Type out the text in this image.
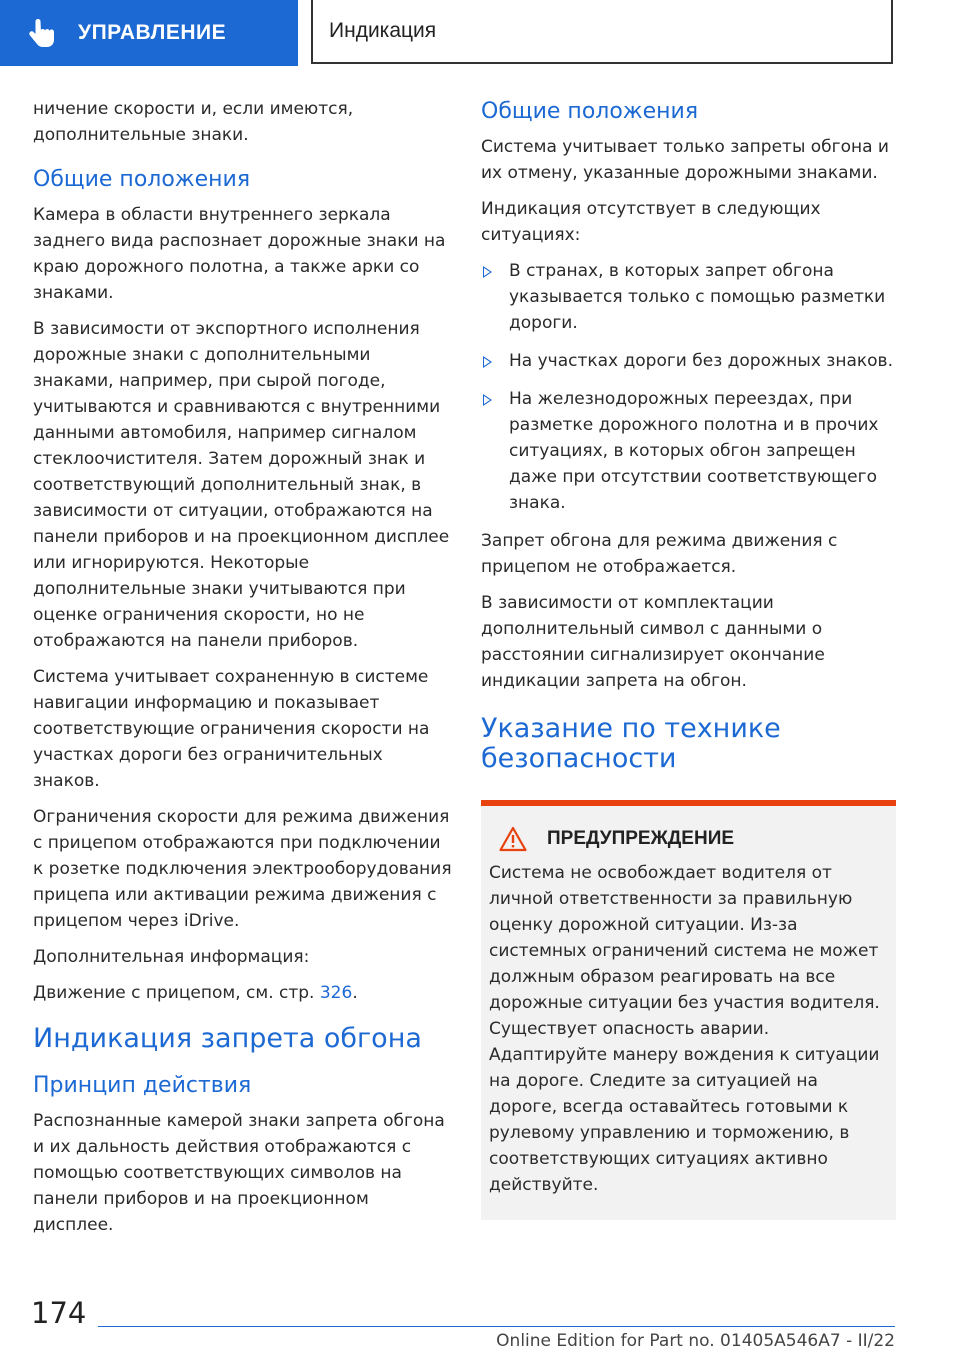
УПРАВЛЕНИЕ	Индикация

ничение скорости и, если имеются, дополнительные знаки.

Общие положения

Камера в области внутреннего зеркала заднего вида распознает дорожные знаки на краю дорожного полотна, а также арки со знаками.

В зависимости от экспортного исполнения дорожные знаки с дополнительными знаками, например, при сырой погоде, учитываются и сравниваются с внутренними данными автомобиля, например сигналом стеклоочистителя. Затем дорожный знак и соответствующий дополнительный знак, в зависимости от ситуации, отображаются на панели приборов и на проекционном дисплее или игнорируются. Некоторые дополнительные знаки учитываются при оценке ограничения скорости, но не отображаются на панели приборов.

Система учитывает сохраненную в системе навигации информацию и показывает соответствующие ограничения скорости на участках дороги без ограничительных знаков.

Ограничения скорости для режима движения с прицепом отображаются при подключении к розетке подключения электрооборудования прицепа или активации режима движения с прицепом через iDrive.

Дополнительная информация:

Движение с прицепом, см. стр. 326.

Индикация запрета обгона
Принцип действия

Распознанные камерой знаки запрета обгона и их дальность действия отображаются с помощью соответствующих символов на панели приборов и на проекционном дисплее.

Общие положения

Система учитывает только запреты обгона и их отмену, указанные дорожными знаками.

Индикация отсутствует в следующих ситуациях:

В странах, в которых запрет обгона указывается только с помощью разметки дороги.
На участках дороги без дорожных знаков.
На железнодорожных переездах, при разметке дорожного полотна и в прочих ситуациях, в которых обгон запрещен даже при отсутствии соответствующего знака.

Запрет обгона для режима движения с прицепом не отображается.

В зависимости от комплектации дополнительный символ с данными о расстоянии сигнализирует окончание индикации запрета на обгон.

Указание по технике безопасности
ПРЕДУПРЕЖДЕНИЕ

Система не освобождает водителя от личной ответственности за правильную оценку дорожной ситуации. Из-за системных ограничений система не может должным образом реагировать на все дорожные ситуации без участия водителя. Существует опасность аварии. Адаптируйте манеру вождения к ситуации на дороге. Следите за ситуацией на дороге, всегда оставайтесь готовыми к рулевому управлению и торможению, в соответствующих ситуациях активно действуйте.

174
Online Edition for Part no. 01405A546A7 - II/22
